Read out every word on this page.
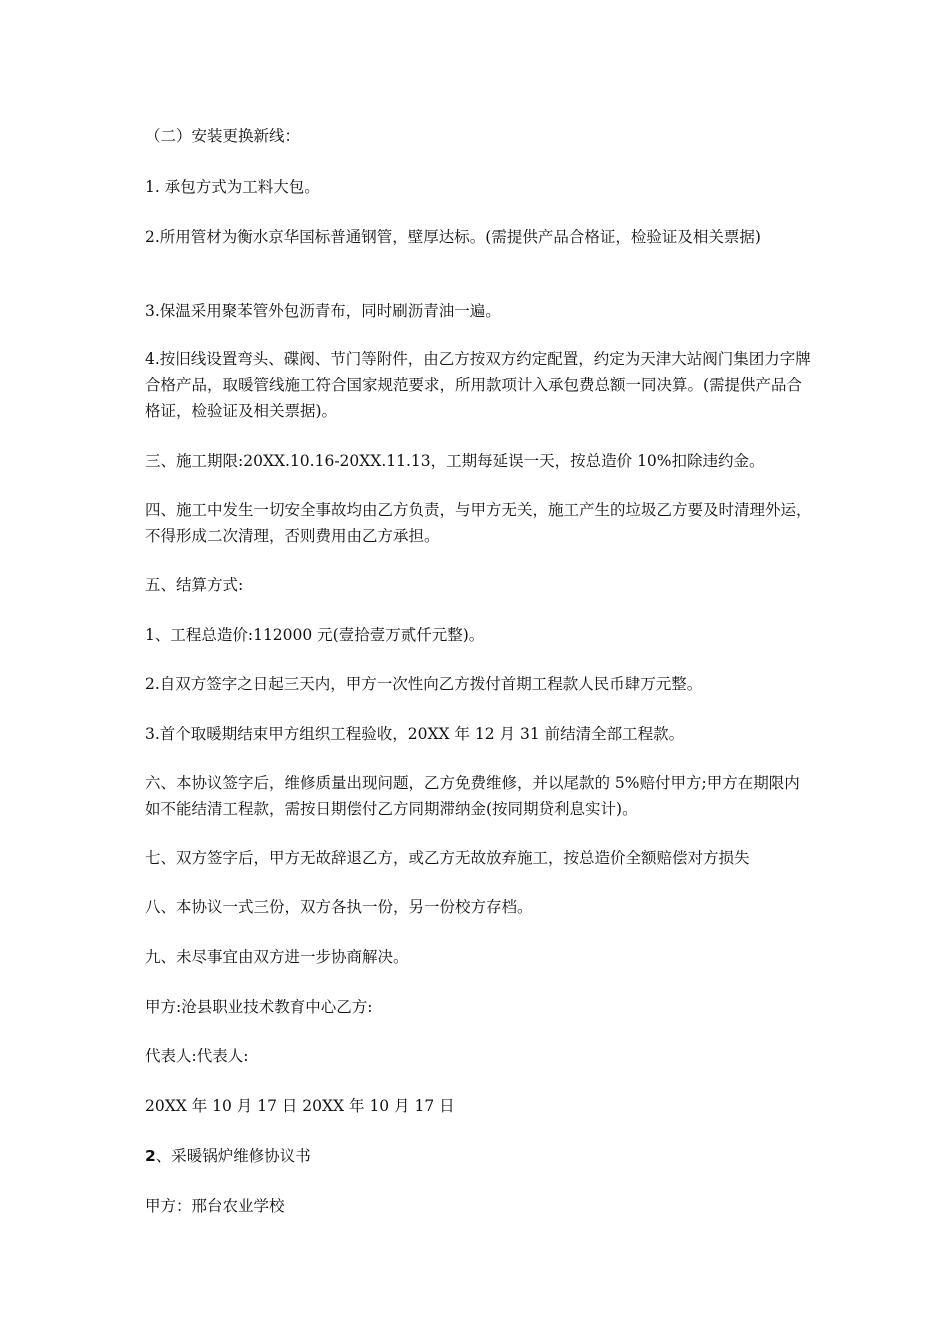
（二）安装更换新线：

1. 承包方式为工料大包。

2.所用管材为衡水京华国标普通钢管，壁厚达标。(需提供产品合格证，检验证及相关票据)

3.保温采用聚苯管外包沥青布，同时刷沥青油一遍。

4.按旧线设置弯头、碟阀、节门等附件，由乙方按双方约定配置，约定为天津大站阀门集团力字牌合格产品，取暖管线施工符合国家规范要求，所用款项计入承包费总额一同决算。(需提供产品合格证，检验证及相关票据)。

三、施工期限:20XX.10.16-20XX.11.13，工期每延误一天，按总造价 10%扣除违约金。

四、施工中发生一切安全事故均由乙方负责，与甲方无关，施工产生的垃圾乙方要及时清理外运，不得形成二次清理，否则费用由乙方承担。

五、结算方式:

1、工程总造价:112000 元(壹拾壹万贰仟元整)。

2.自双方签字之日起三天内，甲方一次性向乙方拨付首期工程款人民币肆万元整。

3.首个取暖期结束甲方组织工程验收，20XX 年 12 月 31 前结清全部工程款。

六、本协议签字后，维修质量出现问题，乙方免费维修，并以尾款的 5%赔付甲方;甲方在期限内如不能结清工程款，需按日期偿付乙方同期滞纳金(按同期贷利息实计)。

七、双方签字后，甲方无故辞退乙方，或乙方无故放弃施工，按总造价全额赔偿对方损失

八、本协议一式三份，双方各执一份，另一份校方存档。

九、未尽事宜由双方进一步协商解决。

甲方:沧县职业技术教育中心乙方:

代表人:代表人:

20XX 年 10 月 17 日 20XX 年 10 月 17 日

2、采暖锅炉维修协议书

甲方：邢台农业学校
